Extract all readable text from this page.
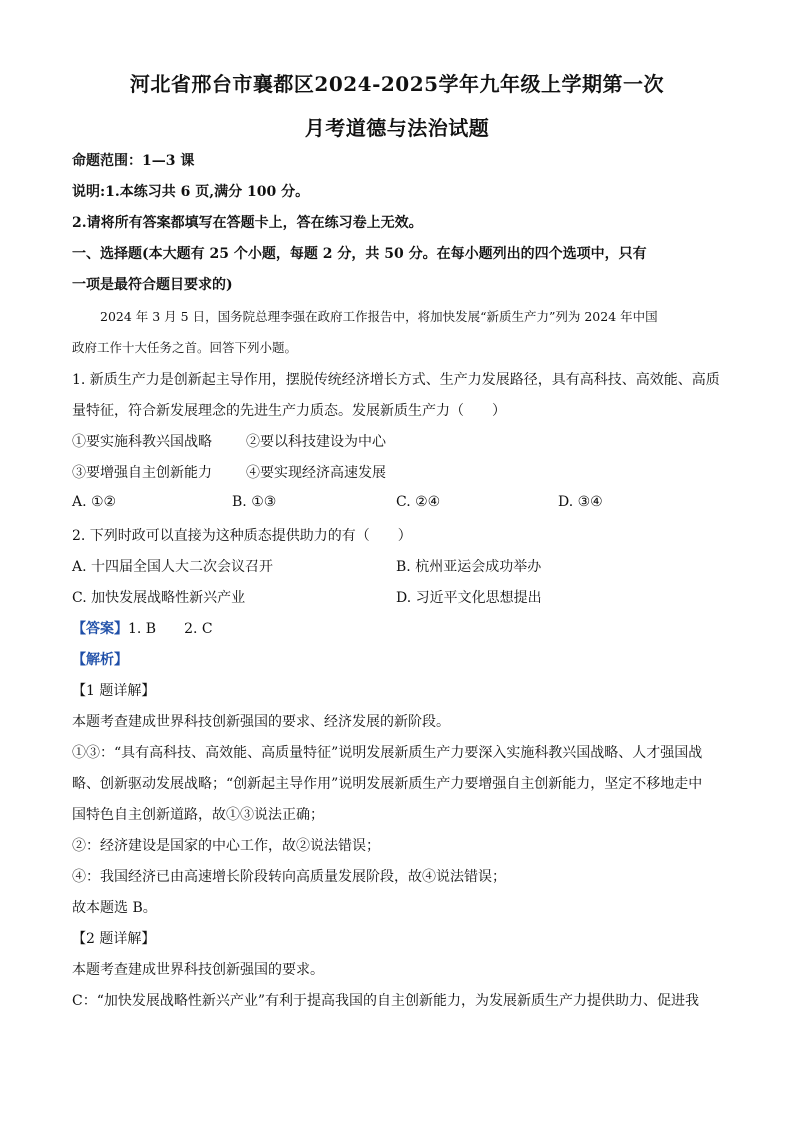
河北省邢台市襄都区2024-2025学年九年级上学期第一次
月考道德与法治试题
命题范围：1—3 课
说明:1.本练习共 6 页,满分 100 分。
2.请将所有答案都填写在答题卡上，答在练习卷上无效。
一、选择题(本大题有 25 个小题，每题 2 分，共 50 分。在每小题列出的四个选项中，只有
一项是最符合题目要求的)
2024 年 3 月 5 日，国务院总理李强在政府工作报告中，将加快发展“新质生产力”列为 2024 年中国
政府工作十大任务之首。回答下列小题。
1. 新质生产力是创新起主导作用，摆脱传统经济增长方式、生产力发展路径，具有高科技、高效能、高质
量特征，符合新发展理念的先进生产力质态。发展新质生产力（　　）
①要实施科教兴国战略 ②要以科技建设为中心
③要增强自主创新能力 ④要实现经济高速发展
A. ①②	B. ①③	C. ②④	D. ③④
2. 下列时政可以直接为这种质态提供助力的有（　　）
A. 十四届全国人大二次会议召开	B. 杭州亚运会成功举办
C. 加快发展战略性新兴产业	D. 习近平文化思想提出
【答案】1. B　　2. C
【解析】
【1 题详解】
本题考查建成世界科技创新强国的要求、经济发展的新阶段。
①③：“具有高科技、高效能、高质量特征”说明发展新质生产力要深入实施科教兴国战略、人才强国战
略、创新驱动发展战略；“创新起主导作用”说明发展新质生产力要增强自主创新能力，坚定不移地走中
国特色自主创新道路，故①③说法正确；
②：经济建设是国家的中心工作，故②说法错误；
④：我国经济已由高速增长阶段转向高质量发展阶段，故④说法错误；
故本题选 B。
【2 题详解】
本题考查建成世界科技创新强国的要求。
C：“加快发展战略性新兴产业”有利于提高我国的自主创新能力，为发展新质生产力提供助力、促进我
